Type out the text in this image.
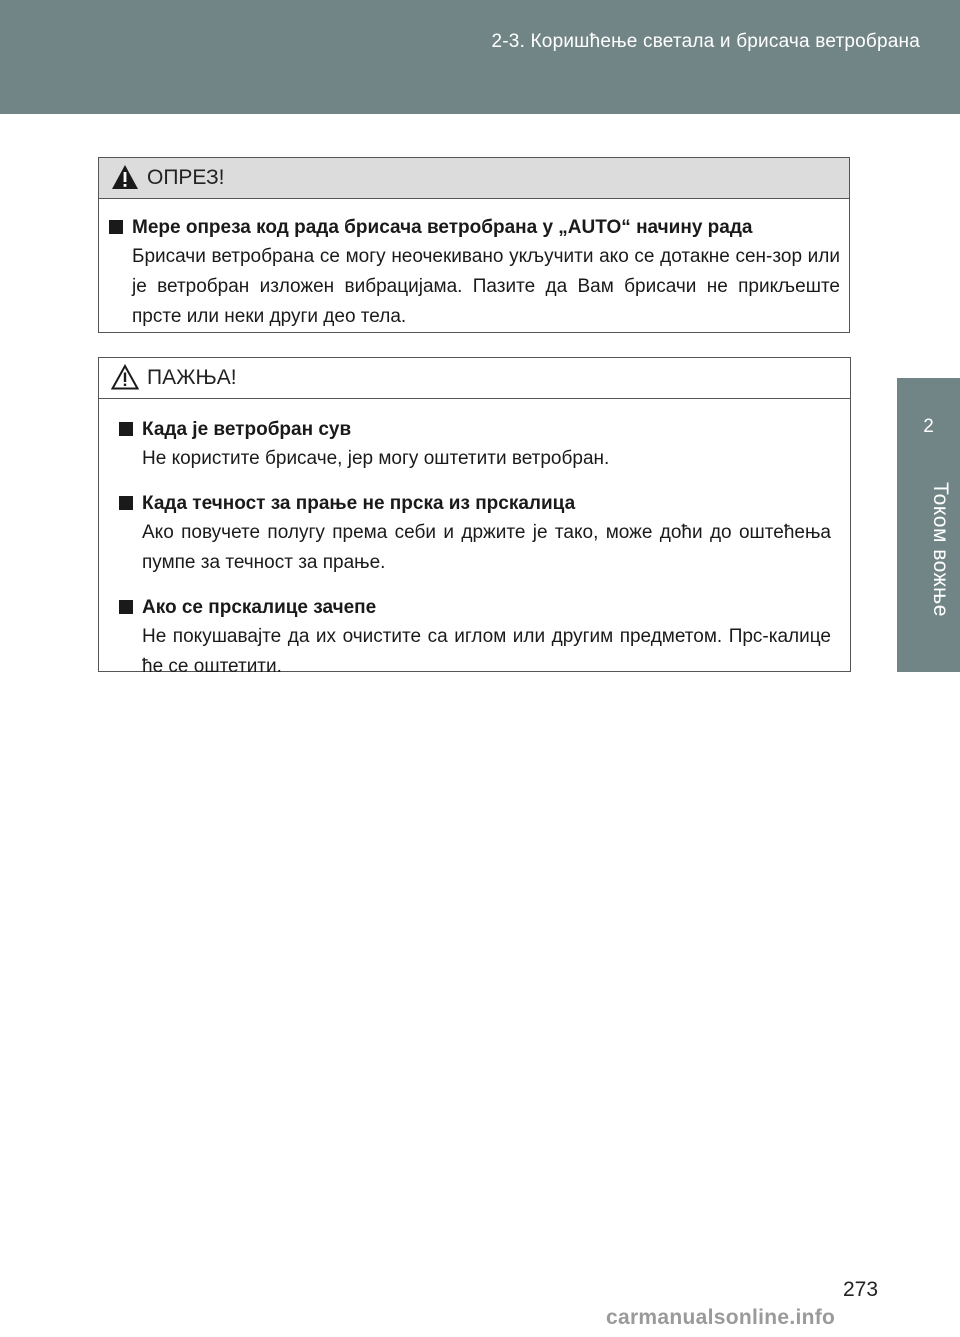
2-3. Коришћење светала и брисача ветробрана
2
Током вожње
ОПРЕЗ!
Мере опреза код рада брисача ветробрана у „AUTO“ начину рада
Брисачи ветробрана се могу неочекивано укључити ако се дотакне сен-зор или је ветробран изложен вибрацијама. Пазите да Вам брисачи не прикљеште прсте или неки други део тела.
ПАЖЊА!
Када је ветробран сув
Не користите брисаче, јер могу оштетити ветробран.
Када течност за прање не прска из прскалица
Ако повучете полугу према себи и држите је тако, може доћи до оштећења пумпе за течност за прање.
Ако се прскалице зачепе
Не покушавајте да их очистите са иглом или другим предметом. Прс-калице ће се оштетити.
273
carmanualsonline.info
